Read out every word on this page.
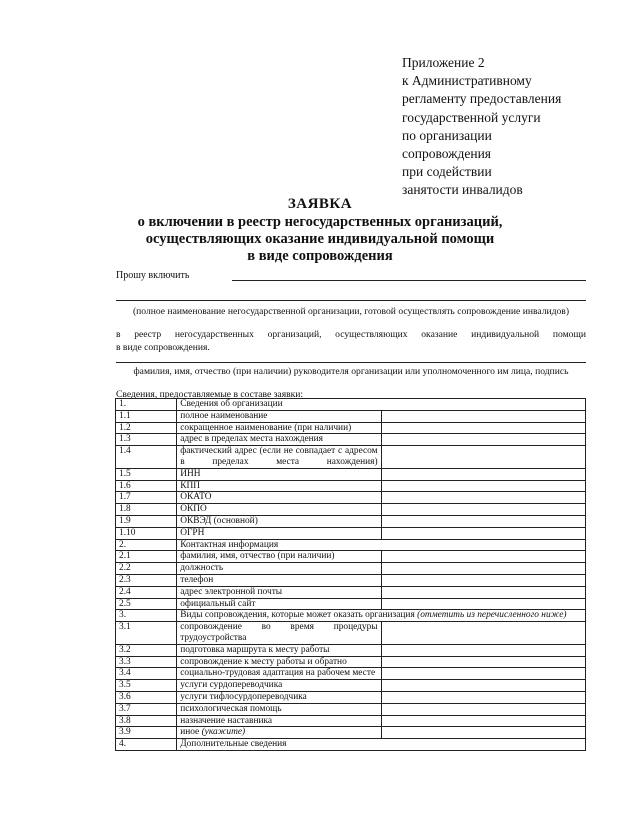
Приложение 2
к Административному
регламенту предоставления
государственной услуги
по организации
сопровождения
при содействии
занятости инвалидов
ЗАЯВКА
о включении в реестр негосударственных организаций,
осуществляющих оказание индивидуальной помощи
в виде сопровождения
Прошу включить
(полное наименование негосударственной организации, готовой осуществлять сопровождение инвалидов)
в реестр негосударственных организаций, осуществляющих оказание индивидуальной помощи
в виде сопровождения.
фамилия, имя, отчество (при наличии) руководителя организации или уполномоченного им лица, подпись
Сведения, предоставляемые в составе заявки:
1.	Сведения об организации	
1.1	полное наименование	
1.2	сокращенное наименование (при наличии)	
1.3	адрес в пределах места нахождения	
1.4	фактический адрес (если не совпадает с адресом в пределах места нахождения)	
1.5	ИНН	
1.6	КПП	
1.7	ОКАТО	
1.8	ОКПО	
1.9	ОКВЭД (основной)	
1.10	ОГРН	
2.	Контактная информация	
2.1	фамилия, имя, отчество (при наличии)	
2.2	должность	
2.3	телефон	
2.4	адрес электронной почты	
2.5	официальный сайт	
3.	Виды сопровождения, которые может оказать организация (отметить из перечисленного ниже)	
3.1	сопровождение во время процедуры трудоустройства	
3.2	подготовка маршрута к месту работы	
3.3	сопровождение к месту работы и обратно	
3.4	социально-трудовая адаптация на рабочем месте	
3.5	услуги сурдопереводчика	
3.6	услуги тифлосурдопереводчика	
3.7	психологическая помощь	
3.8	назначение наставника	
3.9	иное (укажите)	
4.	Дополнительные сведения	
